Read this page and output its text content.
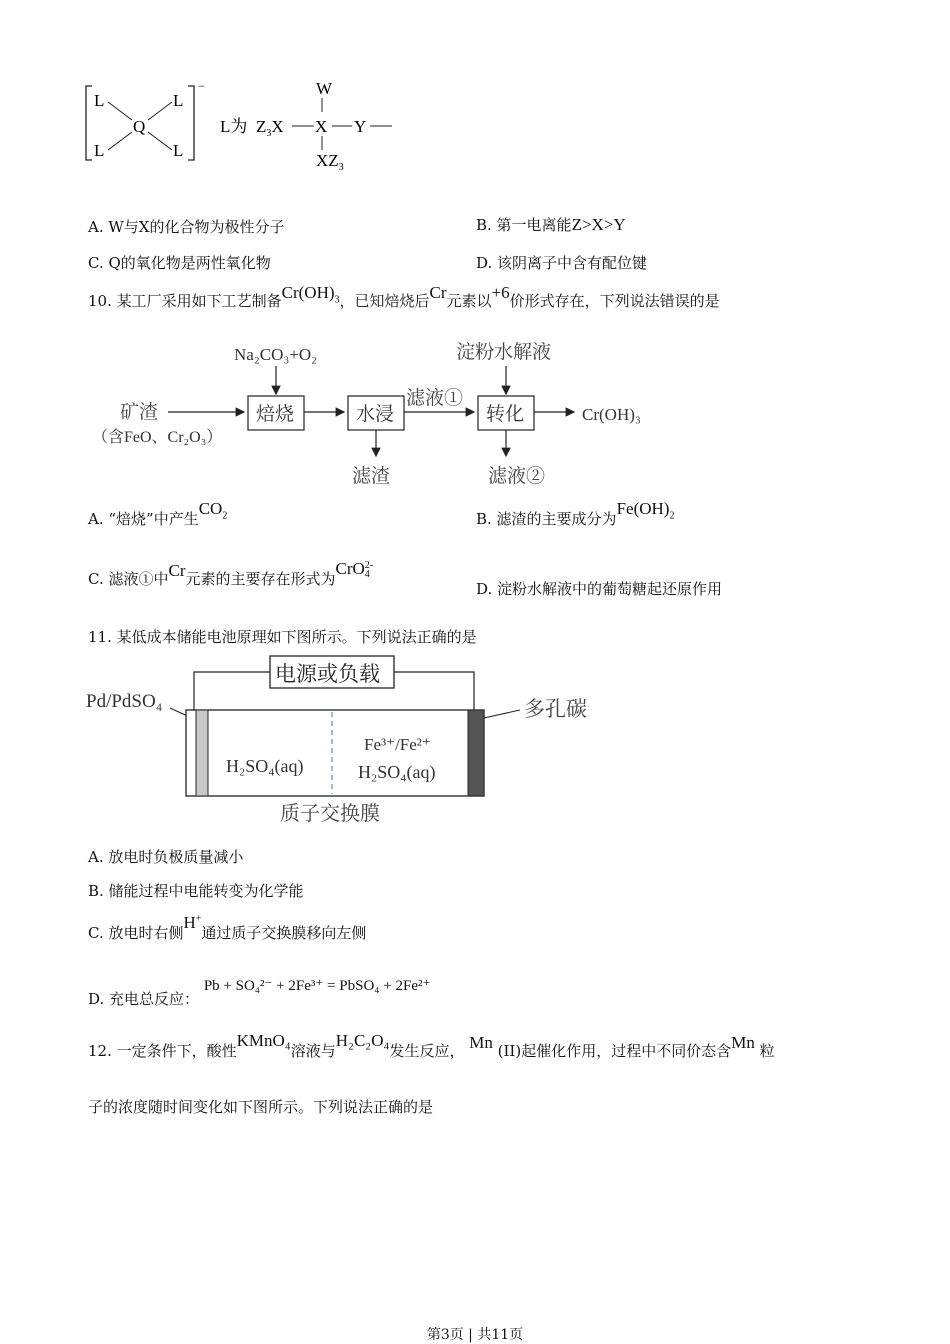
−
L	L
L	L
Q	L为 $Z_3X$ X Y
W
$XZ_3$
A. W与X的化合物为极性分子	B. 第一电离能Z>X>Y
C. Q的氧化物是两性氧化物	D. 该阴离子中含有配位键
10. 某工厂采用如下工艺制备$Cr(OH)_3$，已知焙烧后Cr元素以+6价形式存在，下列说法错误的是
Na₂CO₃+O₂	淀粉水解液
矿渣
（含FeO、Cr₂O₃）
焙烧	水浸
滤液①
转化	Cr(OH)₃
滤渣	滤液②
A. “焙烧”中产生$CO_2$	B. 滤渣的主要成分为$Fe(OH)_2$
C. 滤液①中Cr元素的主要存在形式为CrO2-
4
D. 淀粉水解液中的葡萄糖起还原作用
11. 某低成本储能电池原理如下图所示。下列说法正确的是
电源或负载
Pd/PdSO₄	多孔碳
H₂SO₄(aq)
Fe³⁺/Fe²⁺
H₂SO₄(aq)
质子交换膜
A. 放电时负极质量减小
B. 储能过程中电能转变为化学能
C. 放电时右侧H+通过质子交换膜移向左侧
D. 充电总反应： Pb + SO₄²⁻ + 2Fe³⁺ = PbSO₄ + 2Fe²⁺
12. 一定条件下，酸性KMnO₄溶液与H₂C₂O₄发生反应， Mn (II)起催化作用，过程中不同价态含Mn 粒
子的浓度随时间变化如下图所示。下列说法正确的是
第3页 | 共11页
